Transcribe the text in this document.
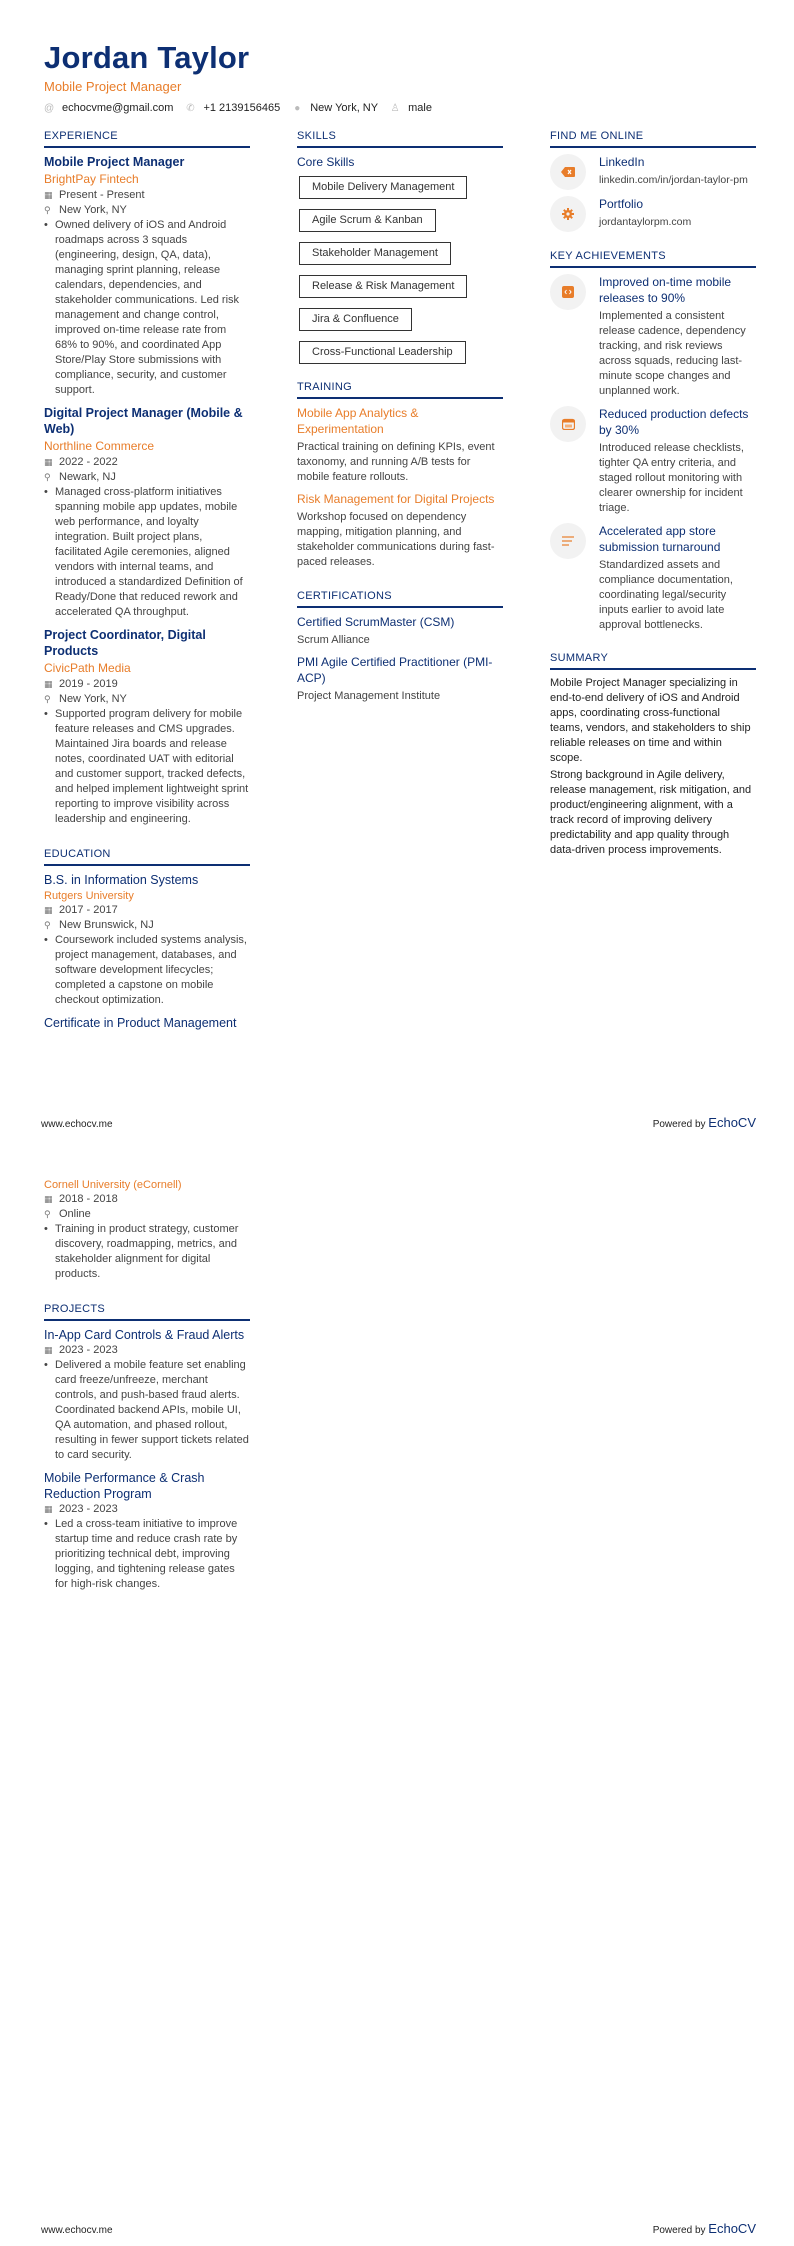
Jordan Taylor
Mobile Project Manager
@ echocvme@gmail.com ✆ +1 2139156465 ● New York, NY ♙ male
EXPERIENCE
Mobile Project Manager
BrightPay Fintech
▦ Present - Present
⚲ New York, NY
• Owned delivery of iOS and Android roadmaps across 3 squads (engineering, design, QA, data), managing sprint planning, release calendars, dependencies, and stakeholder communications. Led risk management and change control, improved on-time release rate from 68% to 90%, and coordinated App Store/Play Store submissions with compliance, security, and customer support.
Digital Project Manager (Mobile & Web)
Northline Commerce
▦ 2022 - 2022
⚲ Newark, NJ
• Managed cross-platform initiatives spanning mobile app updates, mobile web performance, and loyalty integration. Built project plans, facilitated Agile ceremonies, aligned vendors with internal teams, and introduced a standardized Definition of Ready/Done that reduced rework and accelerated QA throughput.
Project Coordinator, Digital Products
CivicPath Media
▦ 2019 - 2019
⚲ New York, NY
• Supported program delivery for mobile feature releases and CMS upgrades. Maintained Jira boards and release notes, coordinated UAT with editorial and customer support, tracked defects, and helped implement lightweight sprint reporting to improve visibility across leadership and engineering.
EDUCATION
B.S. in Information Systems
Rutgers University
▦ 2017 - 2017
⚲ New Brunswick, NJ
• Coursework included systems analysis, project management, databases, and software development lifecycles; completed a capstone on mobile checkout optimization.
Certificate in Product Management
SKILLS
Core Skills
Mobile Delivery Management
Agile Scrum & Kanban
Stakeholder Management
Release & Risk Management
Jira & Confluence
Cross-Functional Leadership
TRAINING
Mobile App Analytics & Experimentation
Practical training on defining KPIs, event taxonomy, and running A/B tests for mobile feature rollouts.
Risk Management for Digital Projects
Workshop focused on dependency mapping, mitigation planning, and stakeholder communications during fast-paced releases.
CERTIFICATIONS
Certified ScrumMaster (CSM)
Scrum Alliance
PMI Agile Certified Practitioner (PMI-ACP)
Project Management Institute
FIND ME ONLINE
LinkedIn
linkedin.com/in/jordan-taylor-pm
Portfolio
jordantaylorpm.com
KEY ACHIEVEMENTS
Improved on-time mobile releases to 90%
Implemented a consistent release cadence, dependency tracking, and risk reviews across squads, reducing last-minute scope changes and unplanned work.
Reduced production defects by 30%
Introduced release checklists, tighter QA entry criteria, and staged rollout monitoring with clearer ownership for incident triage.
Accelerated app store submission turnaround
Standardized assets and compliance documentation, coordinating legal/security inputs earlier to avoid late approval bottlenecks.
SUMMARY

Mobile Project Manager specializing in end-to-end delivery of iOS and Android apps, coordinating cross-functional teams, vendors, and stakeholders to ship reliable releases on time and within scope.

Strong background in Agile delivery, release management, risk mitigation, and product/engineering alignment, with a track record of improving delivery predictability and app quality through data-driven process improvements.

www.echocv.me	Powered by EchoCV
Cornell University (eCornell)
▦ 2018 - 2018
⚲ Online
• Training in product strategy, customer discovery, roadmapping, metrics, and stakeholder alignment for digital products.
PROJECTS
In-App Card Controls & Fraud Alerts
▦ 2023 - 2023
• Delivered a mobile feature set enabling card freeze/unfreeze, merchant controls, and push-based fraud alerts. Coordinated backend APIs, mobile UI, QA automation, and phased rollout, resulting in fewer support tickets related to card security.
Mobile Performance & Crash Reduction Program
▦ 2023 - 2023
• Led a cross-team initiative to improve startup time and reduce crash rate by prioritizing technical debt, improving logging, and tightening release gates for high-risk changes.
www.echocv.me	Powered by EchoCV
